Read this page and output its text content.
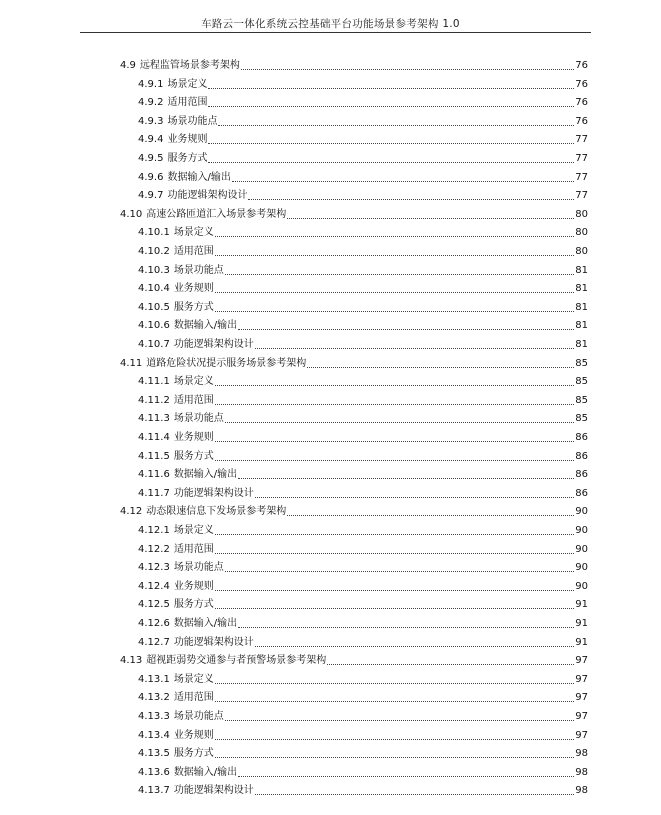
车路云一体化系统云控基础平台功能场景参考架构 1.0
4.9 远程监管场景参考架构	76
4.9.1 场景定义	76
4.9.2 适用范围	76
4.9.3 场景功能点	76
4.9.4 业务规则	77
4.9.5 服务方式	77
4.9.6 数据输入/输出	77
4.9.7 功能逻辑架构设计	77
4.10 高速公路匝道汇入场景参考架构	80
4.10.1 场景定义	80
4.10.2 适用范围	80
4.10.3 场景功能点	81
4.10.4 业务规则	81
4.10.5 服务方式	81
4.10.6 数据输入/输出	81
4.10.7 功能逻辑架构设计	81
4.11 道路危险状况提示服务场景参考架构	85
4.11.1 场景定义	85
4.11.2 适用范围	85
4.11.3 场景功能点	85
4.11.4 业务规则	86
4.11.5 服务方式	86
4.11.6 数据输入/输出	86
4.11.7 功能逻辑架构设计	86
4.12 动态限速信息下发场景参考架构	90
4.12.1 场景定义	90
4.12.2 适用范围	90
4.12.3 场景功能点	90
4.12.4 业务规则	90
4.12.5 服务方式	91
4.12.6 数据输入/输出	91
4.12.7 功能逻辑架构设计	91
4.13 超视距弱势交通参与者预警场景参考架构	97
4.13.1 场景定义	97
4.13.2 适用范围	97
4.13.3 场景功能点	97
4.13.4 业务规则	97
4.13.5 服务方式	98
4.13.6 数据输入/输出	98
4.13.7 功能逻辑架构设计	98
